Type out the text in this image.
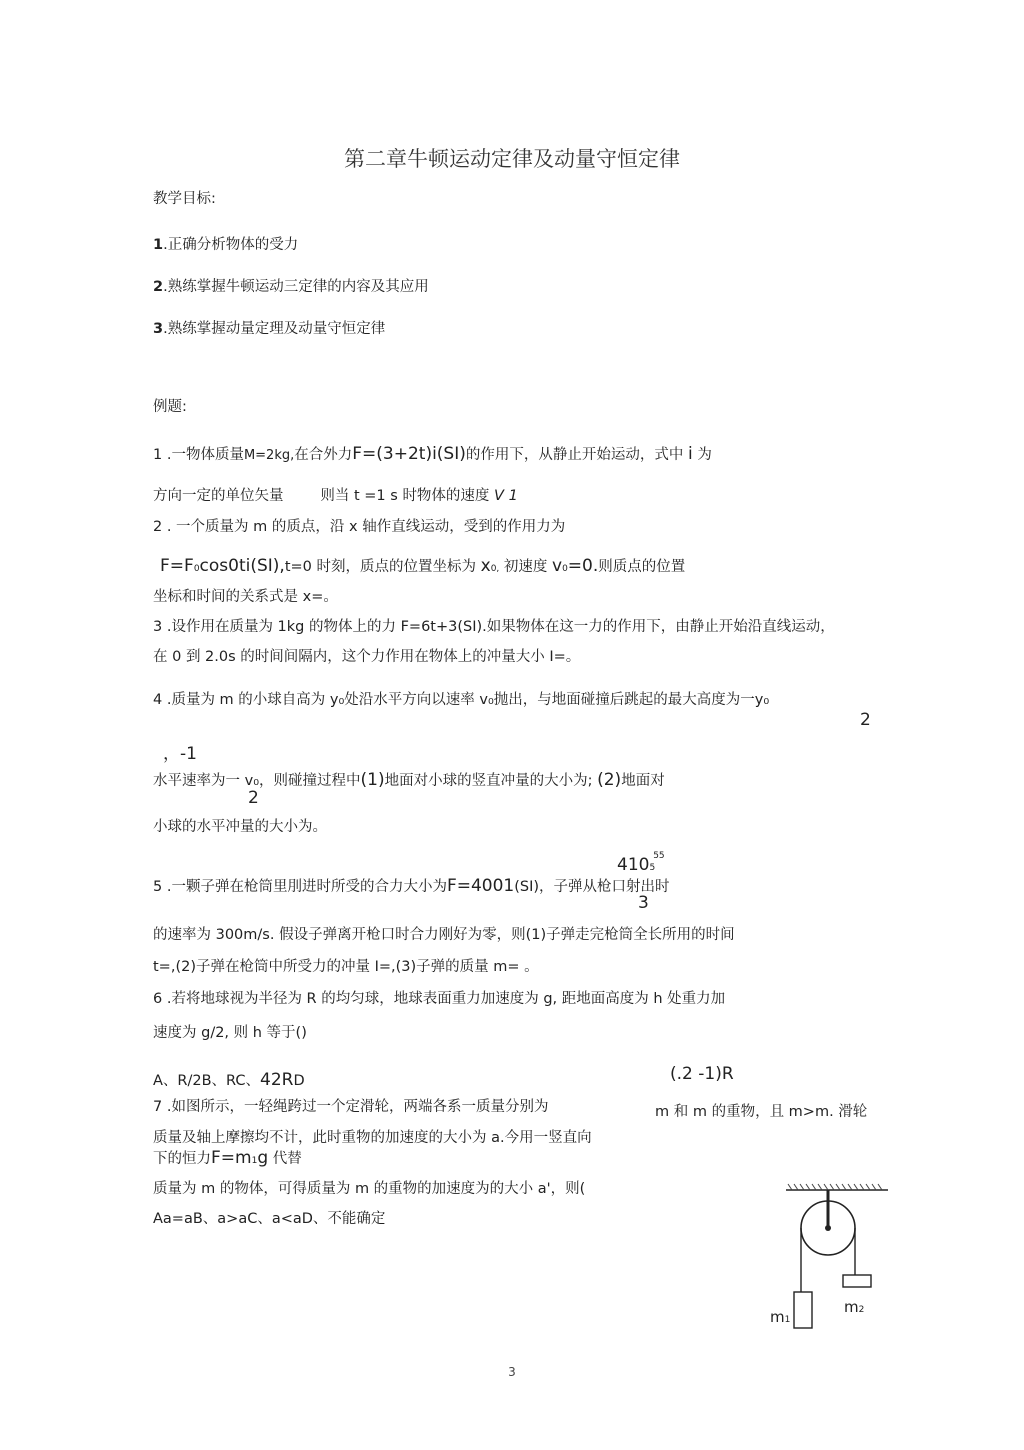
第二章牛顿运动定律及动量守恒定律
教学目标:
1.正确分析物体的受力
2.熟练掌握牛顿运动三定律的内容及其应用
3.熟练掌握动量定理及动量守恒定律
例题:
1 .一物体质量M=2kg,在合外力F=(3+2t)i(SI)的作用下，从静止开始运动，式中 i 为
方向一定的单位矢量	则当 t =1 s 时物体的速度 V 1
2 . 一个质量为 m 的质点，沿 x 轴作直线运动，受到的作用力为
F=F0cos0ti(SI),t=0 时刻，质点的位置坐标为 x0, 初速度 v0=0.则质点的位置
坐标和时间的关系式是 x=。
3 .设作用在质量为 1kg 的物体上的力 F=6t+3(SI).如果物体在这一力的作用下，由静止开始沿直线运动，
在 0 到 2.0s 的时间间隔内，这个力作用在物体上的冲量大小 I=。
4 .质量为 m 的小球自高为 y₀处沿水平方向以速率 v₀抛出，与地面碰撞后跳起的最大高度为一y₀
2
，-1
水平速率为一 v₀，则碰撞过程中(1)地面对小球的竖直冲量的大小为; (2)地面对
2
小球的水平冲量的大小为。
4105$^{55}$
5 .一颗子弹在枪筒里刖进时所受的合力大小为F=4001(SI)，子弹从枪口射出时
3
的速率为 300m/s. 假设子弹离开枪口时合力刚好为零，则(1)子弹走完枪筒全长所用的时间
t=,(2)子弹在枪筒中所受力的冲量 I=,(3)子弹的质量 m= 。
6 .若将地球视为半径为 R 的均匀球，地球表面重力加速度为 g, 距地面高度为 h 处重力加
速度为 g/2, 则 h 等于()
(.2 -1)R
A、R/2B、RC、42RD
7 .如图所示，一轻绳跨过一个定滑轮，两端各系一质量分别为	m 和 m 的重物，且 m>m. 滑轮
质量及轴上摩擦均不计，此时重物的加速度的大小为 a.今用一竖直向
下的恒力F=m1g 代替
质量为 m 的物体，可得质量为 m 的重物的加速度为的大小 a'，则(
Aa=aB、a>aC、a<aD、不能确定
m1
m2
3
